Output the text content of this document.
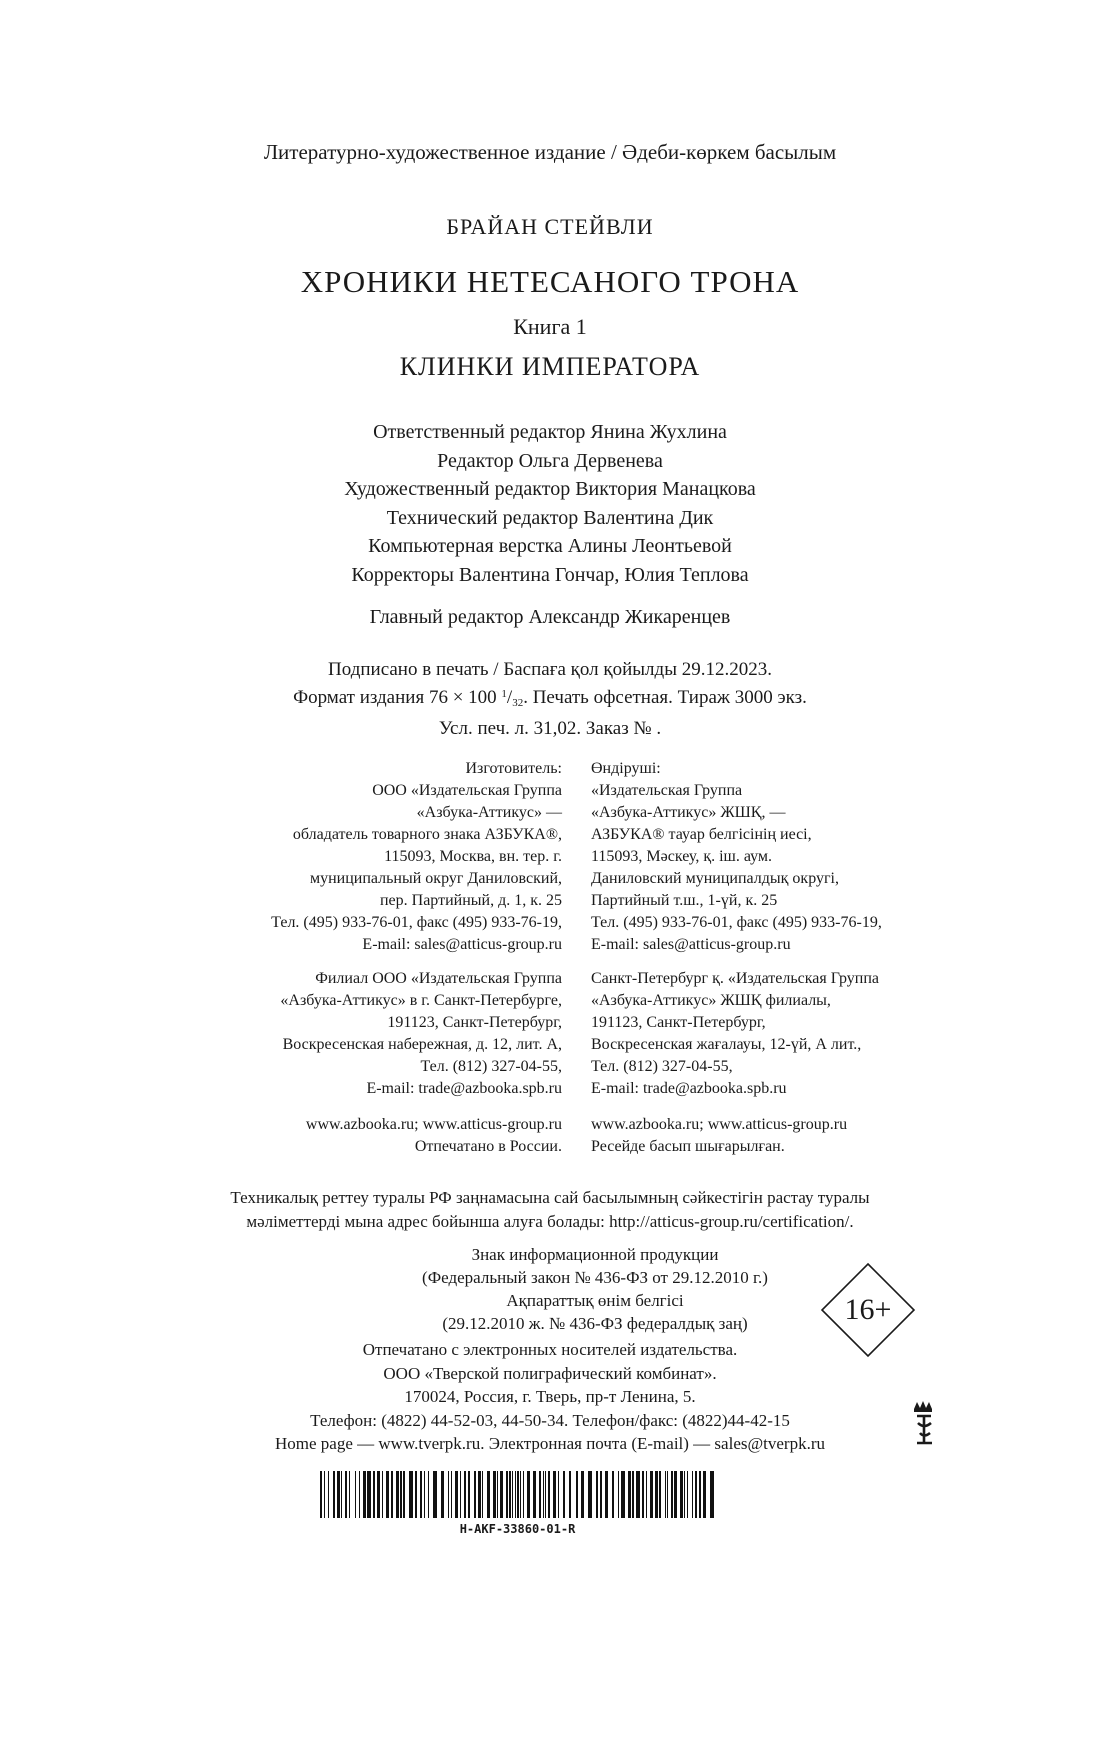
Литературно-художественное издание / Әдеби-көркем басылым
БРАЙАН СТЕЙВЛИ
ХРОНИКИ НЕТЕСАНОГО ТРОНА
Книга 1
КЛИНКИ ИМПЕРАТОРА
Ответственный редактор Янина Жухлина
Редактор Ольга Дервенева
Художественный редактор Виктория Манацкова
Технический редактор Валентина Дик
Компьютерная верстка Алины Леонтьевой
Корректоры Валентина Гончар, Юлия Теплова
Главный редактор Александр Жикаренцев
Подписано в печать / Баспаға қол қойылды 29.12.2023.
Формат издания 76 × 100 $^1/_{32}$. Печать офсетная. Тираж 3000 экз.
Усл. печ. л. 31,02. Заказ № .
Изготовитель:
ООО «Издательская Группа
«Азбука-Аттикус» —
обладатель товарного знака АЗБУКА®,
115093, Москва, вн. тер. г.
муниципальный округ Даниловский,
пер. Партийный, д. 1, к. 25
Тел. (495) 933-76-01, факс (495) 933-76-19,
E-mail: sales@atticus-group.ru
Өндіруші:
«Издательская Группа
«Азбука-Аттикус» ЖШҚ, —
АЗБУКА® тауар белгісінің иесі,
115093, Мәскеу, қ. іш. аум.
Даниловский муниципалдық округі,
Партийный т.ш., 1-үй, к. 25
Тел. (495) 933-76-01, факс (495) 933-76-19,
E-mail: sales@atticus-group.ru
Филиал ООО «Издательская Группа
«Азбука-Аттикус» в г. Санкт-Петербурге,
191123, Санкт-Петербург,
Воскресенская набережная, д. 12, лит. А,
Тел. (812) 327-04-55,
E-mail: trade@azbooka.spb.ru
Санкт-Петербург қ. «Издательская Группа
«Азбука-Аттикус» ЖШҚ филиалы,
191123, Санкт-Петербург,
Воскресенская жағалауы, 12-үй, А лит.,
Тел. (812) 327-04-55,
E-mail: trade@azbooka.spb.ru
www.azbooka.ru; www.atticus-group.ru
Отпечатано в России.
www.azbooka.ru; www.atticus-group.ru
Ресейде басып шығарылған.
Техникалық реттеу туралы РФ заңнамасына сай басылымның сәйкестігін растау туралы
мәліметтерді мына адрес бойынша алуға болады: http://atticus-group.ru/certification/.
Знак информационной продукции
(Федеральный закон № 436-ФЗ от 29.12.2010 г.)
Ақпараттық өнім белгісі
(29.12.2010 ж. № 436-ФЗ федералдық заң)	16+
Отпечатано с электронных носителей издательства.
ООО «Тверской полиграфический комбинат».
170024, Россия, г. Тверь, пр-т Ленина, 5.
Телефон: (4822) 44-52-03, 44-50-34. Телефон/факс: (4822)44-42-15
Home page — www.tverpk.ru. Электронная почта (E-mail) — sales@tverpk.ru
H-AKF-33860-01-R
